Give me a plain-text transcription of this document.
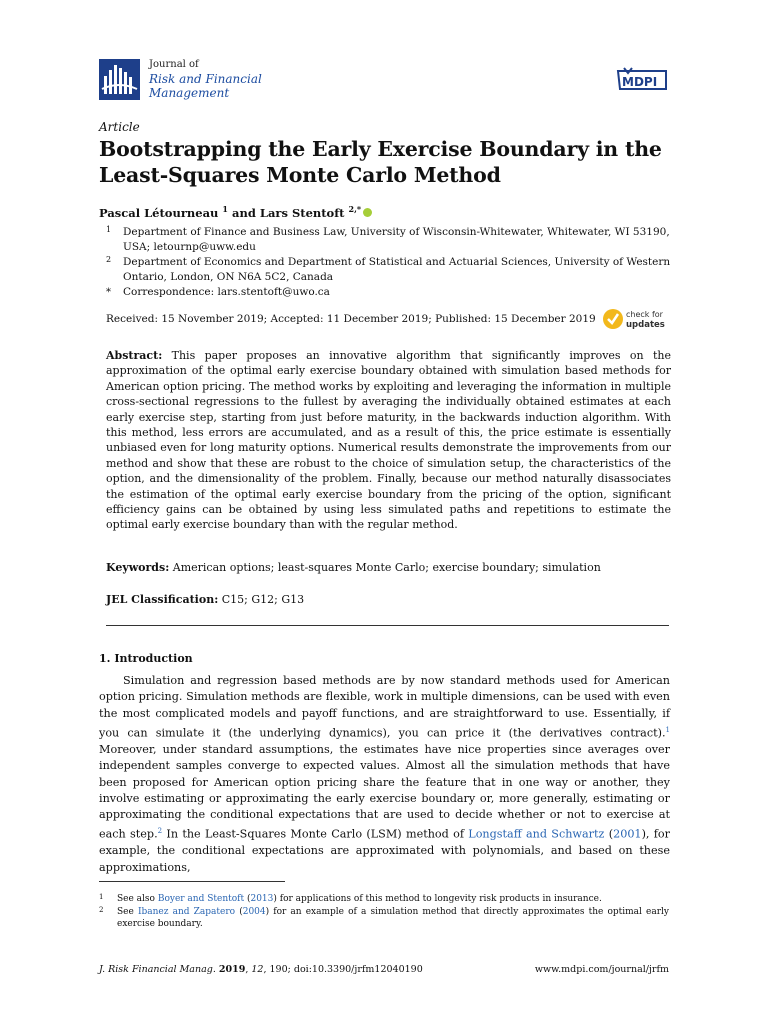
Journal of
Risk and Financial
Management
MDPI
Article
Bootstrapping the Early Exercise Boundary in the
Least-Squares Monte Carlo Method
Pascal Létourneau $^1$ and Lars Stentoft $^{2,*}$
1 Department of Finance and Business Law, University of Wisconsin-Whitewater, Whitewater, WI 53190, USA; letournp@uww.edu
2 Department of Economics and Department of Statistical and Actuarial Sciences, University of Western Ontario, London, ON N6A 5C2, Canada
* Correspondence: lars.stentoft@uwo.ca
Received: 15 November 2019; Accepted: 11 December 2019; Published: 15 December 2019	check for
updates
Abstract: This paper proposes an innovative algorithm that significantly improves on the approximation of the optimal early exercise boundary obtained with simulation based methods for American option pricing. The method works by exploiting and leveraging the information in multiple cross-sectional regressions to the fullest by averaging the individually obtained estimates at each early exercise step, starting from just before maturity, in the backwards induction algorithm. With this method, less errors are accumulated, and as a result of this, the price estimate is essentially unbiased even for long maturity options. Numerical results demonstrate the improvements from our method and show that these are robust to the choice of simulation setup, the characteristics of the option, and the dimensionality of the problem. Finally, because our method naturally disassociates the estimation of the optimal early exercise boundary from the pricing of the option, significant efficiency gains can be obtained by using less simulated paths and repetitions to estimate the optimal early exercise boundary than with the regular method.
Keywords: American options; least-squares Monte Carlo; exercise boundary; simulation
JEL Classification: C15; G12; G13
1. Introduction
Simulation and regression based methods are by now standard methods used for American option pricing. Simulation methods are flexible, work in multiple dimensions, can be used with even the most complicated models and payoff functions, and are straightforward to use. Essentially, if you can simulate it (the underlying dynamics), you can price it (the derivatives contract).$^1$ Moreover, under standard assumptions, the estimates have nice properties since averages over independent samples converge to expected values. Almost all the simulation methods that have been proposed for American option pricing share the feature that in one way or another, they involve estimating or approximating the early exercise boundary or, more generally, estimating or approximating the conditional expectations that are used to decide whether or not to exercise at each step.$^2$ In the Least-Squares Monte Carlo (LSM) method of Longstaff and Schwartz (2001), for example, the conditional expectations are approximated with polynomials, and based on these approximations,
1 See also Boyer and Stentoft (2013) for applications of this method to longevity risk products in insurance.
2 See Ibanez and Zapatero (2004) for an example of a simulation method that directly approximates the optimal early exercise boundary.
J. Risk Financial Manag. 2019, 12, 190; doi:10.3390/jrfm12040190	www.mdpi.com/journal/jrfm
